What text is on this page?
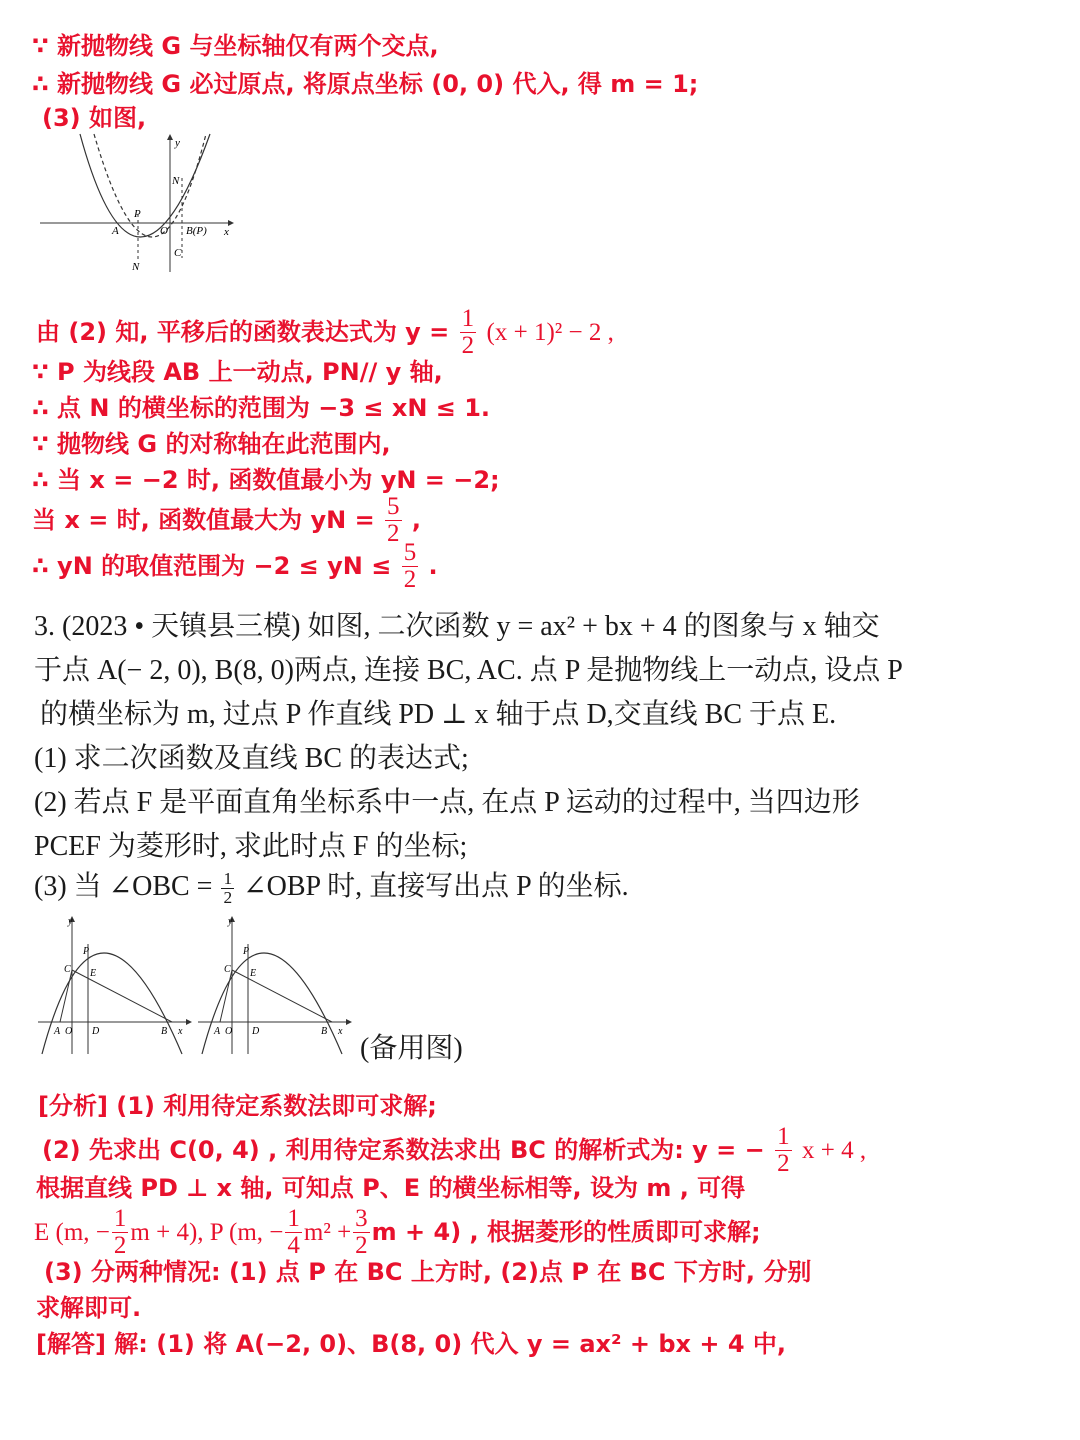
∵ 新抛物线 G 与坐标轴仅有两个交点,
∴ 新抛物线 G 必过原点, 将原点坐标 (0, 0) 代入, 得 m = 1;
(3) 如图,
y
x
N
P
A	O B(P)
N
C
由 (2) 知, 平移后的函数表达式为 $y = \frac{1}{2} (x + 1)^2 - 2$ ,
∵ P 为线段 AB 上一动点, PN// y 轴,
∴ 点 N 的横坐标的范围为 −3 ≤ xN ≤ 1.
∵ 抛物线 G 的对称轴在此范围内,
∴ 当 x = −2 时, 函数值最小为 yN = −2;
当 x = 时, 函数值最大为 yN = $\frac{5}{2}$ ,
∴ yN 的取值范围为 −2 ≤ yN ≤ $\frac{5}{2}$ .
3. (2023 • 天镇县三模) 如图, 二次函数 y = ax² + bx + 4 的图象与 x 轴交
于点 A(− 2, 0), B(8, 0)两点, 连接 BC, AC. 点 P 是抛物线上一动点, 设点 P
的横坐标为 m, 过点 P 作直线 PD ⊥ x 轴于点 D,交直线 BC 于点 E.
(1) 求二次函数及直线 BC 的表达式;
(2) 若点 F 是平面直角坐标系中一点, 在点 P 运动的过程中, 当四边形
PCEF 为菱形时, 求此时点 F 的坐标;
(3) 当 ∠OBC = $\frac{1}{2}$ ∠OBP 时, 直接写出点 P 的坐标.
y
P
C E
A O D	B x
y
P
C E
A O D	B x
(备用图)
[分析] (1) 利用待定系数法即可求解;
(2) 先求出 C(0, 4) , 利用待定系数法求出 BC 的解析式为: y = − $\frac{1}{2}$ x + 4 ,
根据直线 PD ⊥ x 轴, 可知点 P、E 的横坐标相等, 设为 m , 可得
E (m, − $\frac{1}{2}$ m + 4), P (m, − $\frac{1}{4} m^2 + \frac{3}{2}$ m + 4) , 根据菱形的性质即可求解;
(3) 分两种情况: (1) 点 P 在 BC 上方时, (2)点 P 在 BC 下方时, 分别
求解即可.
[解答] 解: (1) 将 A(−2, 0)、B(8, 0) 代入 y = ax² + bx + 4 中,
